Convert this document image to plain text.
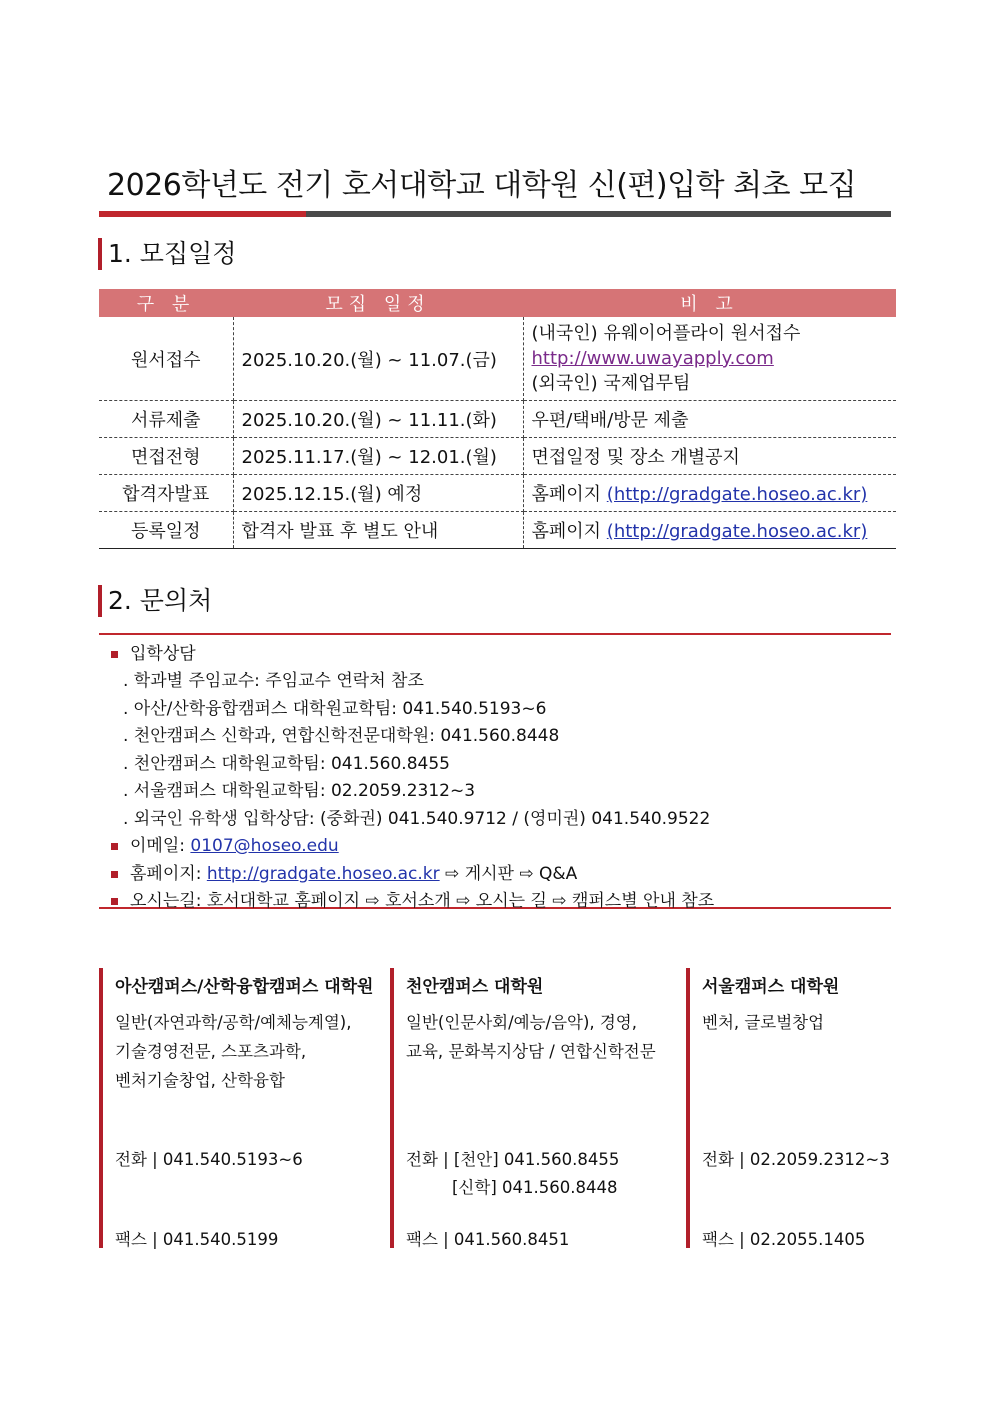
2026학년도 전기 호서대학교 대학원 신(편)입학 최초 모집
1. 모집일정
구 분	모집 일정	비 고
원서접수	2025.10.20.(월) ~ 11.07.(금)	(내국인) 유웨이어플라이 원서접수
http://www.uwayapply.com
(외국인) 국제업무팀

서류제출	2025.10.20.(월) ~ 11.11.(화)	우편/택배/방문 제출
면접전형	2025.11.17.(월) ~ 12.01.(월)	면접일정 및 장소 개별공지
합격자발표	2025.12.15.(월) 예정	홈페이지 (http://gradgate.hoseo.ac.kr)
등록일정	합격자 발표 후 별도 안내	홈페이지 (http://gradgate.hoseo.ac.kr)
2. 문의처
입학상담
. 학과별 주임교수: 주임교수 연락처 참조
. 아산/산학융합캠퍼스 대학원교학팀: 041.540.5193~6
. 천안캠퍼스 신학과, 연합신학전문대학원: 041.560.8448
. 천안캠퍼스 대학원교학팀: 041.560.8455
. 서울캠퍼스 대학원교학팀: 02.2059.2312~3
. 외국인 유학생 입학상담: (중화권) 041.540.9712 / (영미권) 041.540.9522
이메일: 0107@hoseo.edu
홈페이지: http://gradgate.hoseo.ac.kr ⇨ 게시판 ⇨ Q&A
오시는길: 호서대학교 홈페이지 ⇨ 호서소개 ⇨ 오시는 길 ⇨ 캠퍼스별 안내 참조
아산캠퍼스/산학융합캠퍼스 대학원
일반(자연과학/공학/예체능계열),
기술경영전문, 스포츠과학,
벤처기술창업, 산학융합
전화 | 041.540.5193~6
팩스 | 041.540.5199
천안캠퍼스 대학원
일반(인문사회/예능/음악), 경영,
교육, 문화복지상담 / 연합신학전문
전화 | [천안] 041.560.8455
[신학] 041.560.8448
팩스 | 041.560.8451
서울캠퍼스 대학원
벤처, 글로벌창업
전화 | 02.2059.2312~3
팩스 | 02.2055.1405
